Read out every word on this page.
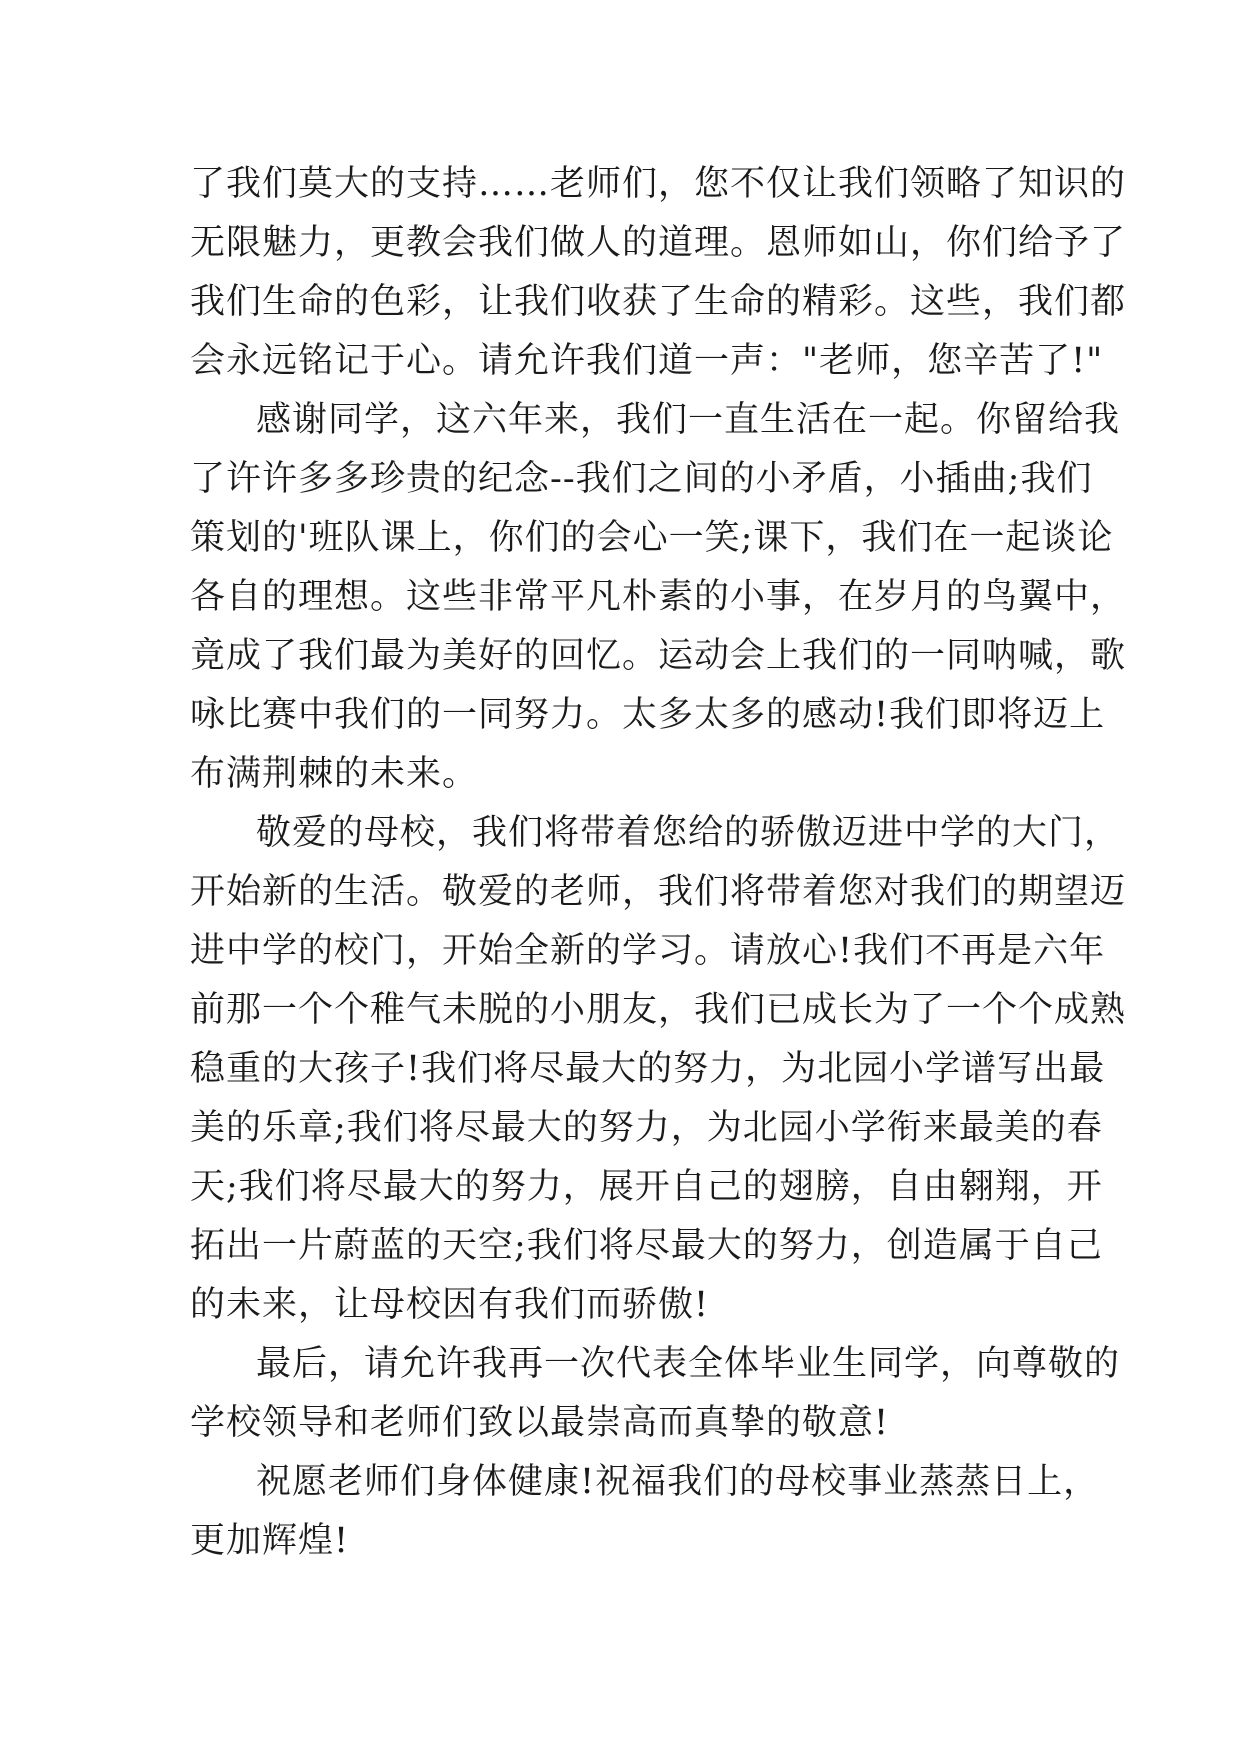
了我们莫大的支持……老师们，您不仅让我们领略了知识的
无限魅力，更教会我们做人的道理。恩师如山，你们给予了
我们生命的色彩，让我们收获了生命的精彩。这些，我们都
会永远铭记于心。请允许我们道一声："老师，您辛苦了!"
感谢同学，这六年来，我们一直生活在一起。你留给我
了许许多多珍贵的纪念--我们之间的小矛盾，小插曲;我们
策划的'班队课上，你们的会心一笑;课下，我们在一起谈论
各自的理想。这些非常平凡朴素的小事，在岁月的鸟翼中，
竟成了我们最为美好的回忆。运动会上我们的一同呐喊，歌
咏比赛中我们的一同努力。太多太多的感动!我们即将迈上
布满荆棘的未来。
敬爱的母校，我们将带着您给的骄傲迈进中学的大门，
开始新的生活。敬爱的老师，我们将带着您对我们的期望迈
进中学的校门，开始全新的学习。请放心!我们不再是六年
前那一个个稚气未脱的小朋友，我们已成长为了一个个成熟
稳重的大孩子!我们将尽最大的努力，为北园小学谱写出最
美的乐章;我们将尽最大的努力，为北园小学衔来最美的春
天;我们将尽最大的努力，展开自己的翅膀，自由翱翔，开
拓出一片蔚蓝的天空;我们将尽最大的努力，创造属于自己
的未来，让母校因有我们而骄傲!
最后，请允许我再一次代表全体毕业生同学，向尊敬的
学校领导和老师们致以最崇高而真挚的敬意!
祝愿老师们身体健康!祝福我们的母校事业蒸蒸日上，
更加辉煌!
